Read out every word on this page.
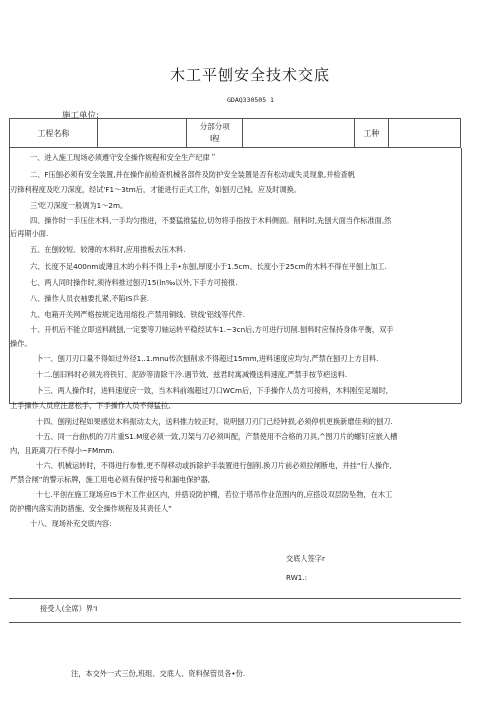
木工平刨安全技术交底
GDAQ330505 1
施工单位:
工程名称		分部分项
I程		工种	
一、进入施工现场必须遵守安全操作规程和安全生产纪律＂
二、F压刨必须有安全装置,并在操作前检查机械各部件及防护安全装置是否有松动或失灵现象,并检查帆
刃锋利程度及吃刀深度，经试'F1～3tm后，才能进行正式工作，如刨刃己钝，应及时调换。
三'吃刀深度一般调为1～2m。
四、操作时一手压住木料,一手均匀推进，不要猛推猛拉,切勿将手指按于木料侧面。削料时,先刨大面当作标准面,然
后再期小面.
五、在刨较短、较薄的木料时,应用推板去压木料.
六、长度不足400nm或薄且木的小料不得上手•东刨,厚度小于1.5cm、长度小于25cm的木料不得在平刨上加工.
七、两人同时操作时,须待料推过刨刃15(ln‰以外,下手方可接报.
八、操作人员衣袖要扎紧,不陷IS乒套.
九、电箱开关网严格按规定选用熔投.产禁用铜线、铁线'铝线等代件.
十、开机后不能立即送料跳刨,一定要等刀轴运转平稳经试车1.~3cn后,方可进行切削.刨料时应保持身体平衡，双手
操作。
卜一、刨刀刃口量不得如过外径1..1.mnu传次刨削求不得超过15mm,进料速度应均匀,严禁在刨刃上方目料.
十二.刨旧料时必须先将铁钉、泥砂等清除干冷.遇节效、兹君时寓减慢送料速度,严禁手按节疤送料.
卜三、两人操作时，进料速度应一致，当木料前端超过刀口WCm后，下手操作人员方可接料，木料刚至足端时,
上手操作人员应注意松手，下手操作人员不得猛拉,
十四、刨削过程如果感觉木料振动太大，送料推力较正时，说明刨刀刃门己经钟损,必须停机更换新磨佳利的刨刀.
十五、同一台曲\机的刀片重S1.M度必须一致,刀架与刀必须叫配，产禁使用不合格的刀具,^图刀片的螺钉应嵌入槽
内，且距离刀行不得小~FMmm.
十六、机械运转时，不得进行参惟,更不得移动或拆除护手装置进行刨削.换刀片前必须拉闸断电，并挂“行人操作,
严禁合闸”的警示标牌，施工用电必须有保护接号和漏电保护器,
十七.平创在施工现场应IS于木工作业区内，并搭设防护棚，若位于塔吊作业范围内的,应搭设双层防坠物，在木工
防护棚内落实消防措施、安全操作规程及其责任人”
十八、现场补充交底内容:
交底人签字r
RW1.:
接受人(全席）界'I
注，本交外一式三份,班组、交底人、资料保管员各•份.
